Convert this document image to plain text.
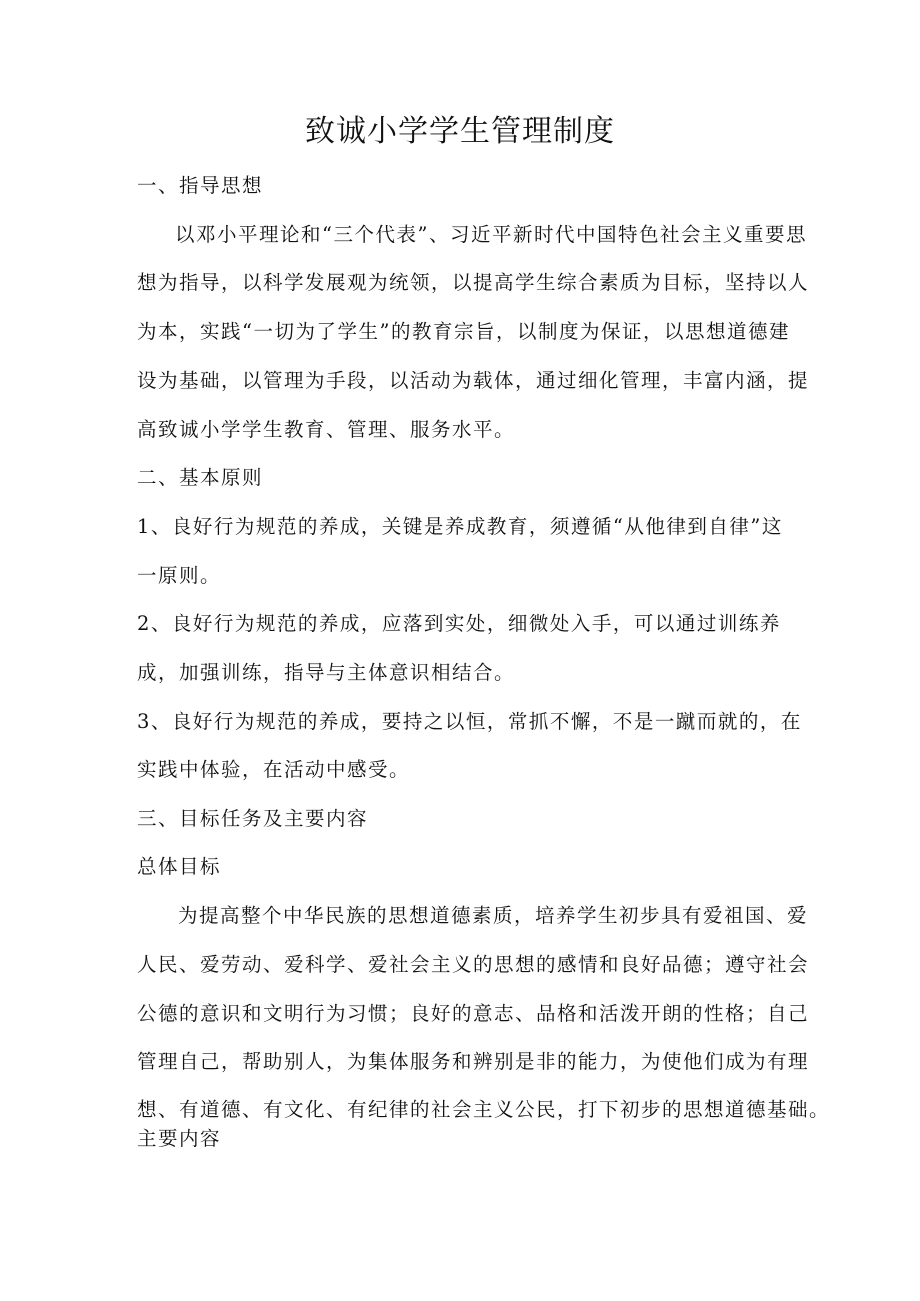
致诚小学学生管理制度
一、指导思想
以邓小平理论和“三个代表”、习近平新时代中国特色社会主义重要思
想为指导，以科学发展观为统领，以提高学生综合素质为目标，坚持以人
为本，实践“一切为了学生”的教育宗旨，以制度为保证，以思想道德建
设为基础，以管理为手段，以活动为载体，通过细化管理，丰富内涵，提
高致诚小学学生教育、管理、服务水平。
二、基本原则
1、良好行为规范的养成，关键是养成教育，须遵循“从他律到自律”这
一原则。
2、良好行为规范的养成，应落到实处，细微处入手，可以通过训练养
成，加强训练，指导与主体意识相结合。
3、良好行为规范的养成，要持之以恒，常抓不懈，不是一蹴而就的，在
实践中体验，在活动中感受。
三、目标任务及主要内容
总体目标
为提高整个中华民族的思想道德素质，培养学生初步具有爱祖国、爱
人民、爱劳动、爱科学、爱社会主义的思想的感情和良好品德；遵守社会
公德的意识和文明行为习惯；良好的意志、品格和活泼开朗的性格；自己
管理自己，帮助别人，为集体服务和辨别是非的能力，为使他们成为有理
想、有道德、有文化、有纪律的社会主义公民，打下初步的思想道德基础。
主要内容
